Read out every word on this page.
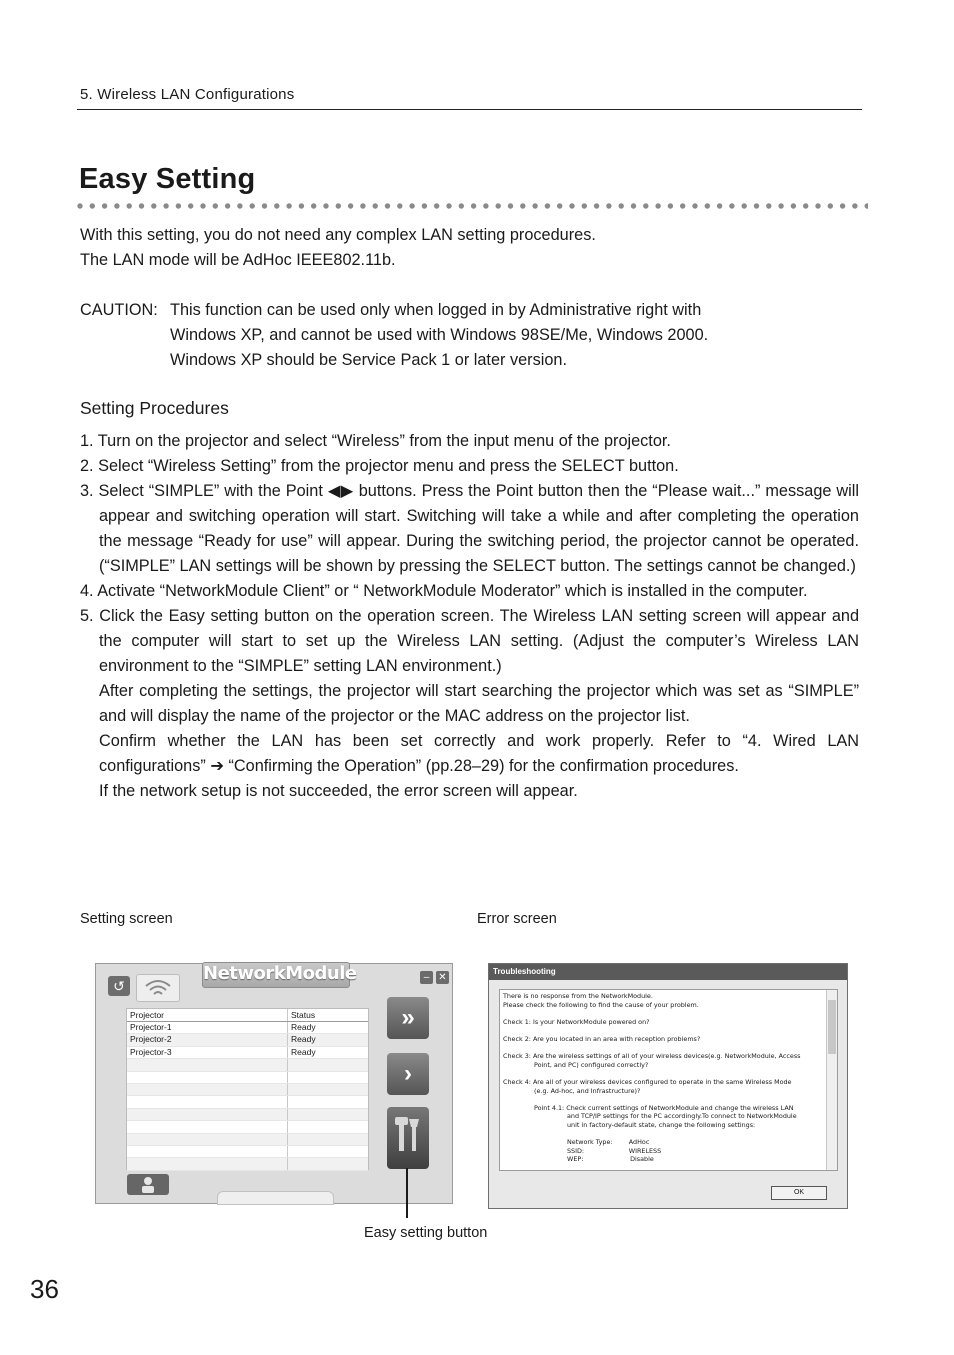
5. Wireless LAN Configurations
Easy Setting
With this setting, you do not need any complex LAN setting procedures.
The LAN mode will be AdHoc IEEE802.11b.
CAUTION: This function can be used only when logged in by Administrative right with
Windows XP, and cannot be used with Windows 98SE/Me, Windows 2000.
Windows XP should be Service Pack 1 or later version.
Setting Procedures
1. Turn on the projector and select “Wireless” from the input menu of the projector.
2. Select “Wireless Setting” from the projector menu and press the SELECT button.
3. Select “SIMPLE” with the Point ◀▶ buttons. Press the Point button then the “Please wait...” message will appear and switching operation will start. Switching will take a while and after completing the operation the message “Ready for use” will appear. During the switching period, the projector cannot be operated. (“SIMPLE” LAN settings will be shown by pressing the SELECT button. The settings cannot be changed.)
4. Activate “NetworkModule Client” or “ NetworkModule Moderator” which is installed in the computer.

5. Click the Easy setting button on the operation screen. The Wireless LAN setting screen will appear and the computer will start to set up the Wireless LAN setting. (Adjust the computer’s Wireless LAN environment to the “SIMPLE” setting LAN environment.)

After completing the settings, the projector will start searching the projector which was set as “SIMPLE” and will display the name of the projector or the MAC address on the projector list.

Confirm whether the LAN has been set correctly and work properly. Refer to “4. Wired LAN configurations” ➔ “Confirming the Operation” (pp.28–29) for the confirmation procedures.

If the network setup is not succeeded, the error screen will appear.

Setting screen	Error screen
NetworkModule
↺
– ✕
Projector	Status
Projector-1	Ready
Projector-2	Ready
Projector-3	Ready
»
›
Easy setting button
Troubleshooting

There is no response from the NetworkModule.

Please check the following to find the cause of your problem.

Check 1: Is your NetworkModule powered on?

Check 2: Are you located in an area with reception problems?

Check 3: Are the wireless settings of all of your wireless devices(e.g. NetworkModule, Access

Point, and PC) configured correctly?

Check 4: Are all of your wireless devices configured to operate in the same Wireless Mode

(e.g. Ad-hoc, and Infrastructure)?

Point 4.1: Check current settings of NetworkModule and change the wireless LAN

and TCP/IP settings for the PC accordingly.To connect to NetworkModule

unit in factory-default state, change the following settings:

Network Type:        AdHoc

SSID:                      WIRELESS

WEP:                       Disable

OK
36
